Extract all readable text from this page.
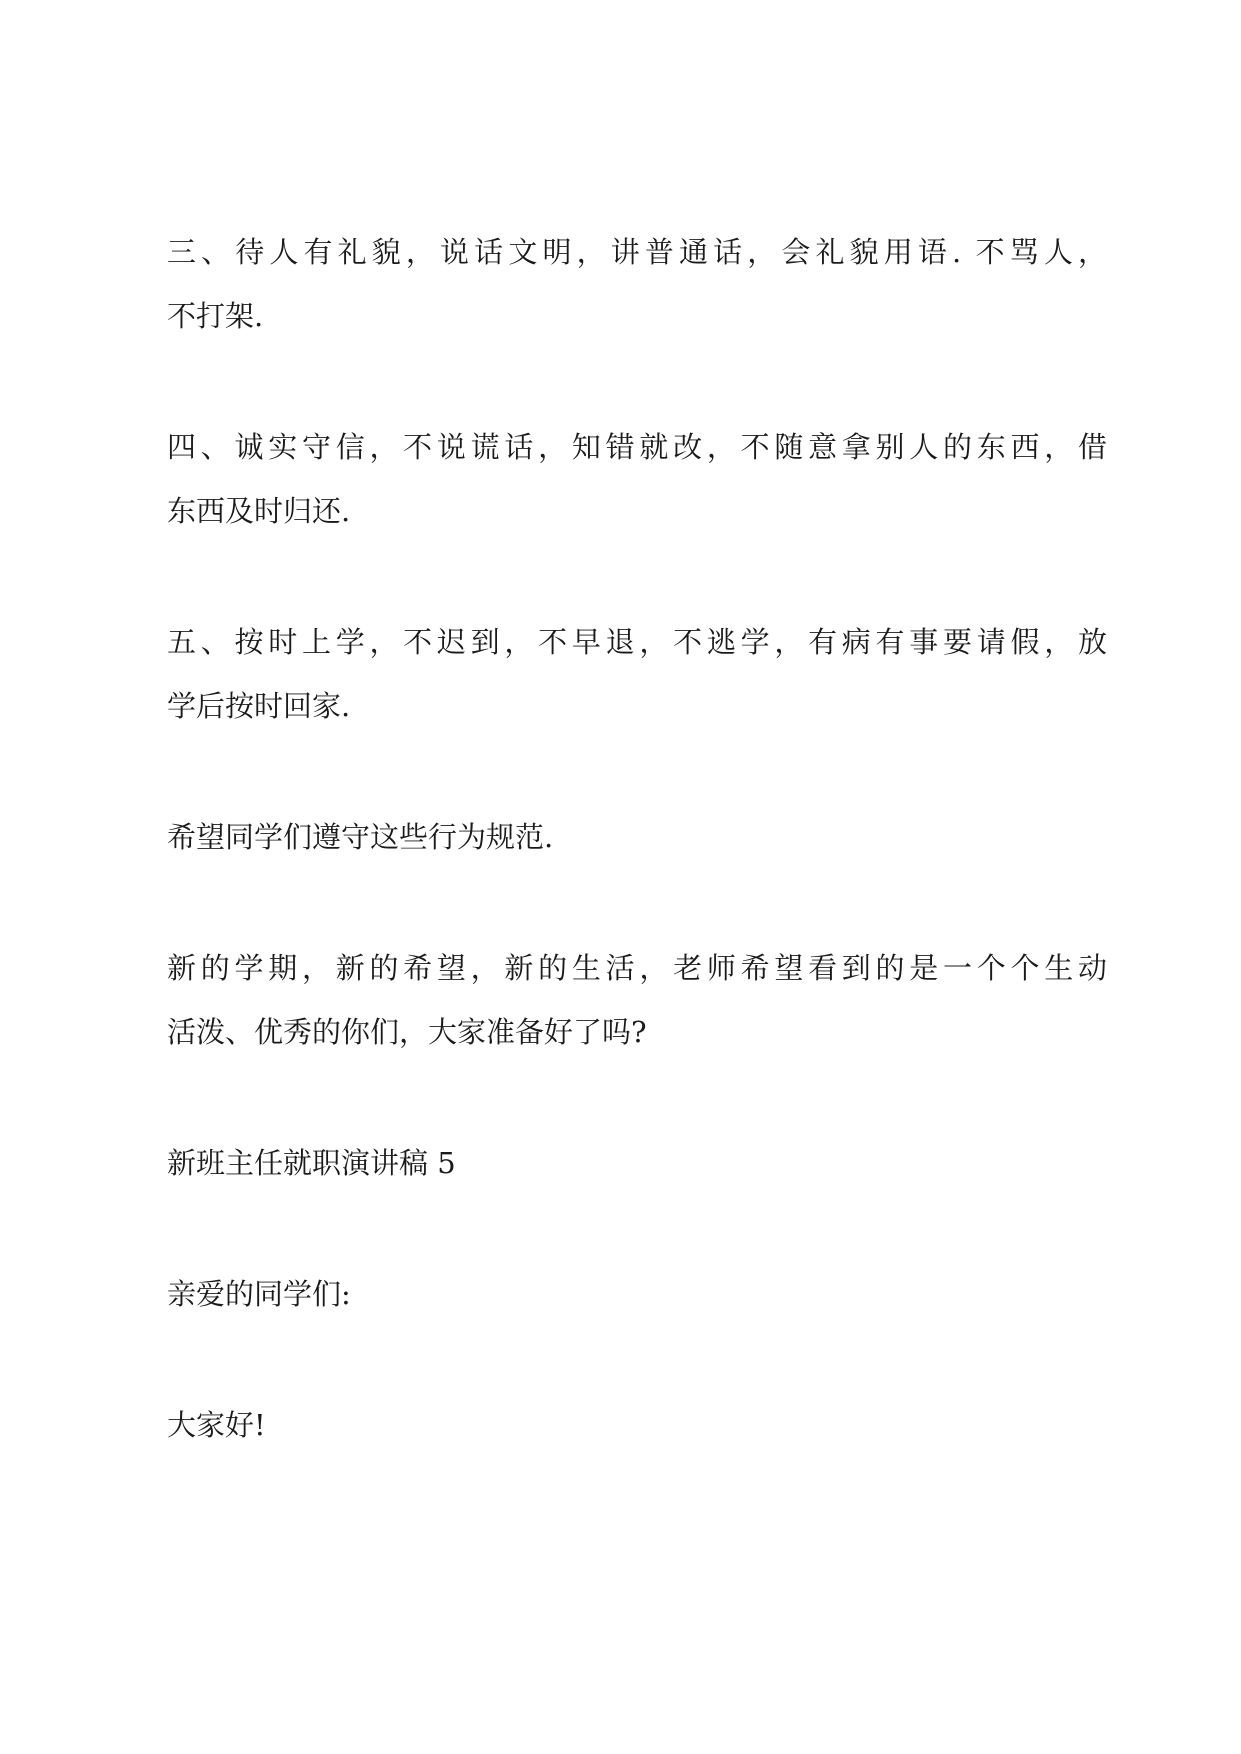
三、待人有礼貌，说话文明，讲普通话，会礼貌用语. 不骂人，

不打架.

四、诚实守信，不说谎话，知错就改，不随意拿别人的东西，借

东西及时归还.

五、按时上学，不迟到，不早退，不逃学，有病有事要请假，放

学后按时回家.

希望同学们遵守这些行为规范.

新的学期，新的希望，新的生活，老师希望看到的是一个个生动

活泼、优秀的你们，大家准备好了吗?

新班主任就职演讲稿 5

亲爱的同学们:

大家好!
